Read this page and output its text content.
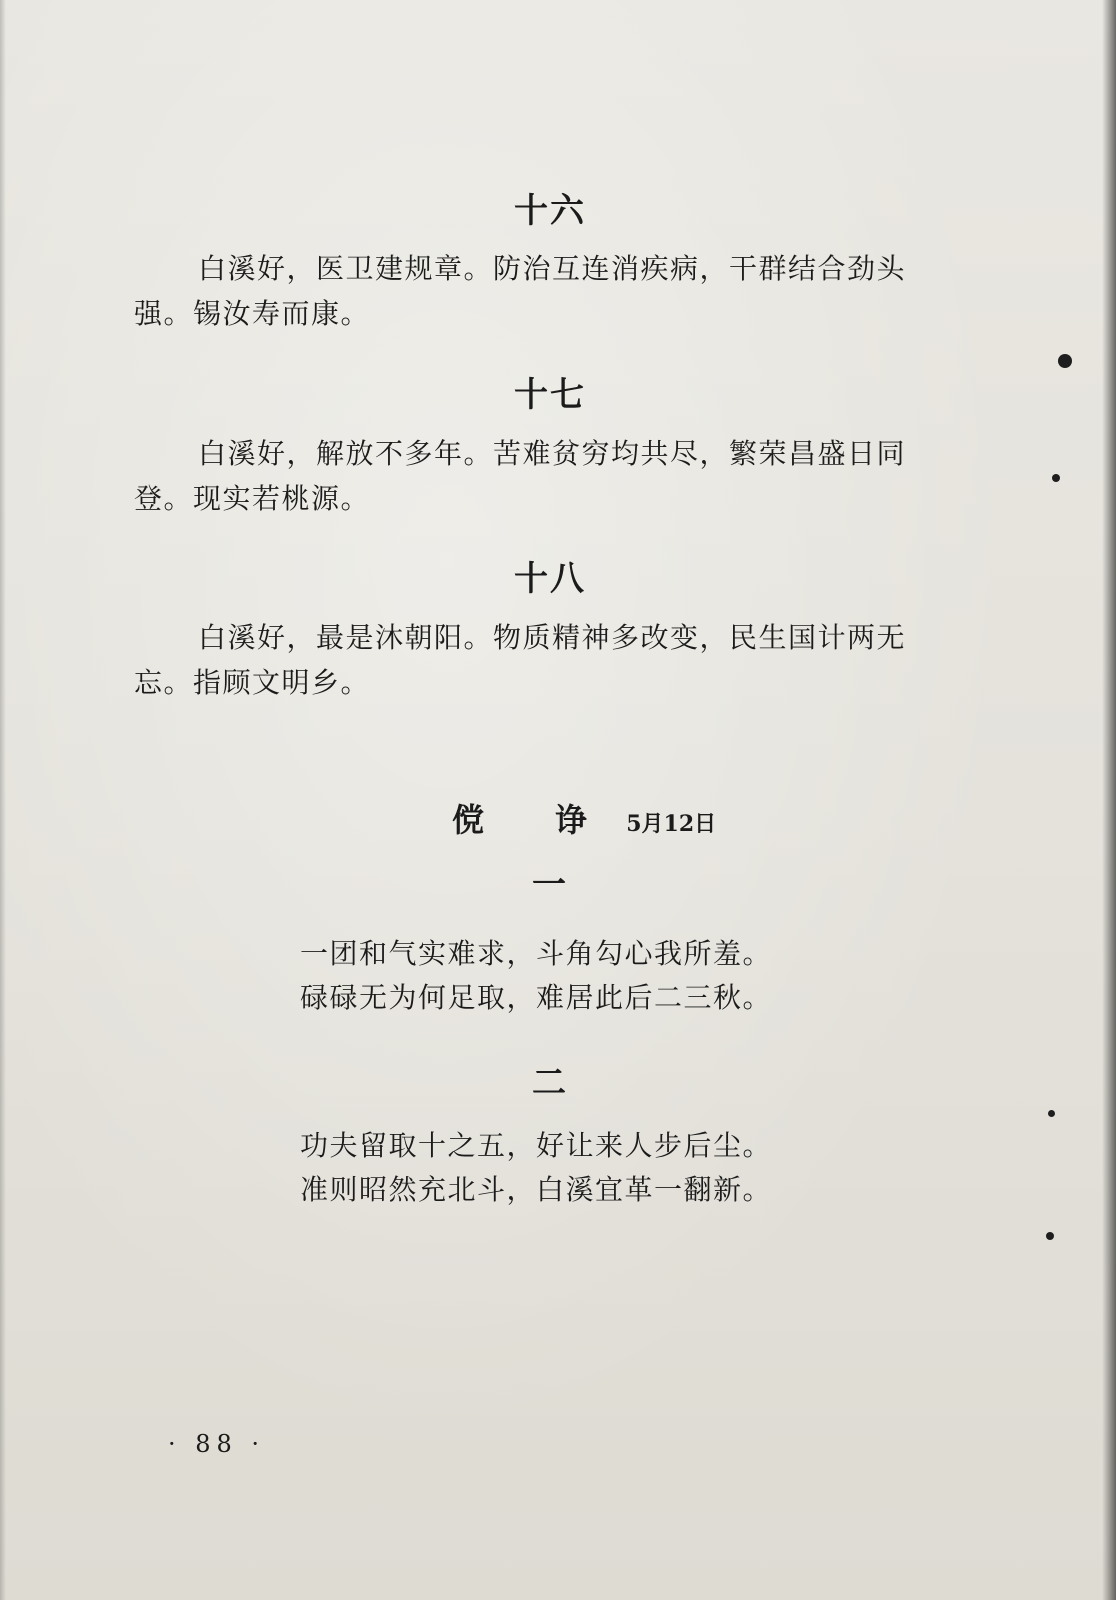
十六
白溪好，医卫建规章。防治互连消疾病，干群结合劲头
强。锡汝寿而康。
十七
白溪好，解放不多年。苦难贫穷均共尽，繁荣昌盛日同
登。现实若桃源。
十八
白溪好，最是沐朝阳。物质精神多改变，民生国计两无
忘。指顾文明乡。
傥 诤 5月12日
一
一团和气实难求，斗角勾心我所羞。
碌碌无为何足取，难居此后二三秋。
二
功夫留取十之五，好让来人步后尘。
准则昭然充北斗，白溪宜革一翻新。
· 88 ·
